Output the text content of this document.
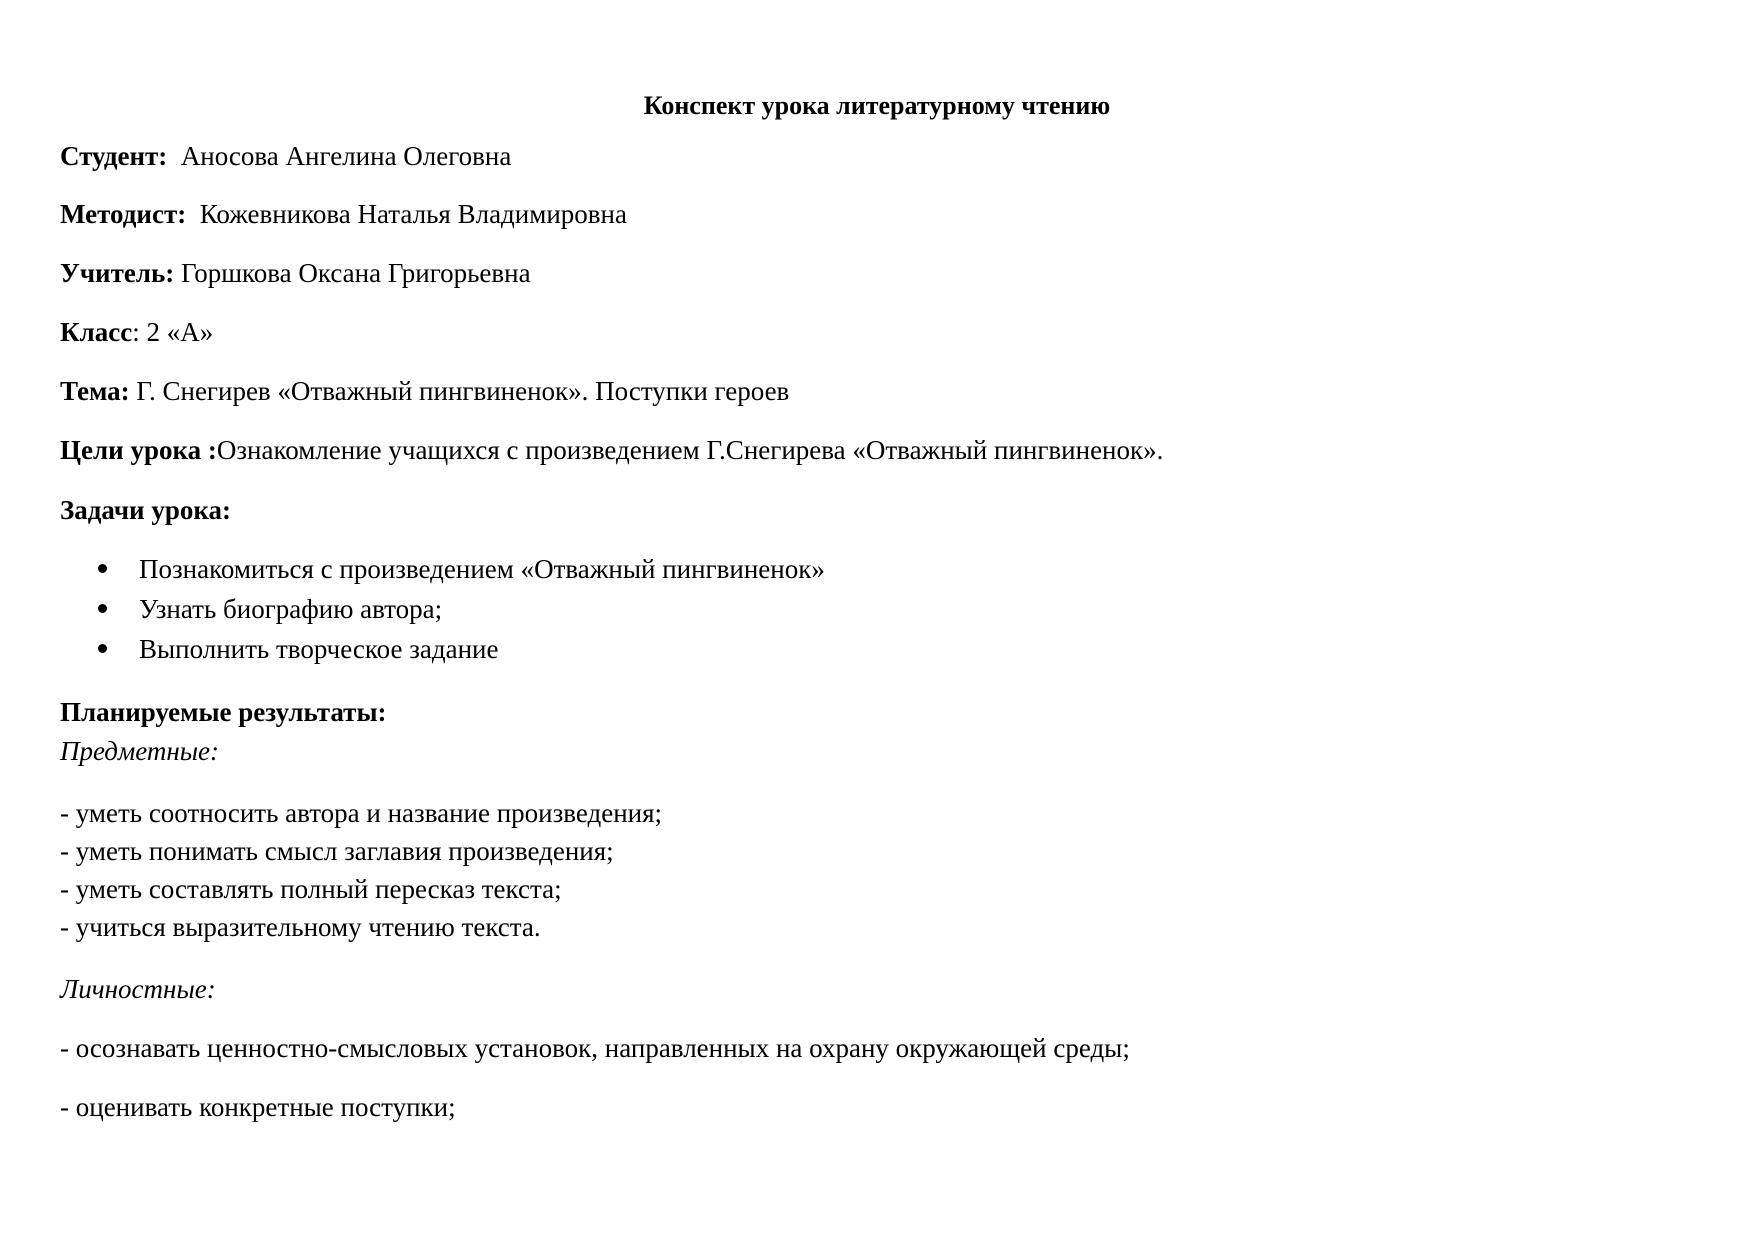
Конспект урока литературному чтению
Студент: Аносова Ангелина Олеговна
Методист: Кожевникова Наталья Владимировна
Учитель: Горшкова Оксана Григорьевна
Класс: 2 «А»
Тема: Г. Снегирев «Отважный пингвиненок». Поступки героев
Цели урока :Ознакомление учащихся с произведением Г.Снегирева «Отважный пингвиненок».
Задачи урока:
Познакомиться с произведением «Отважный пингвиненок»
Узнать биографию автора;
Выполнить творческое задание
Планируемые результаты:
Предметные:
- уметь соотносить автора и название произведения;
- уметь понимать смысл заглавия произведения;
- уметь составлять полный пересказ текста;
- учиться выразительному чтению текста.
Личностные:
- осознавать ценностно-смысловых установок, направленных на охрану окружающей среды;
- оценивать конкретные поступки;
